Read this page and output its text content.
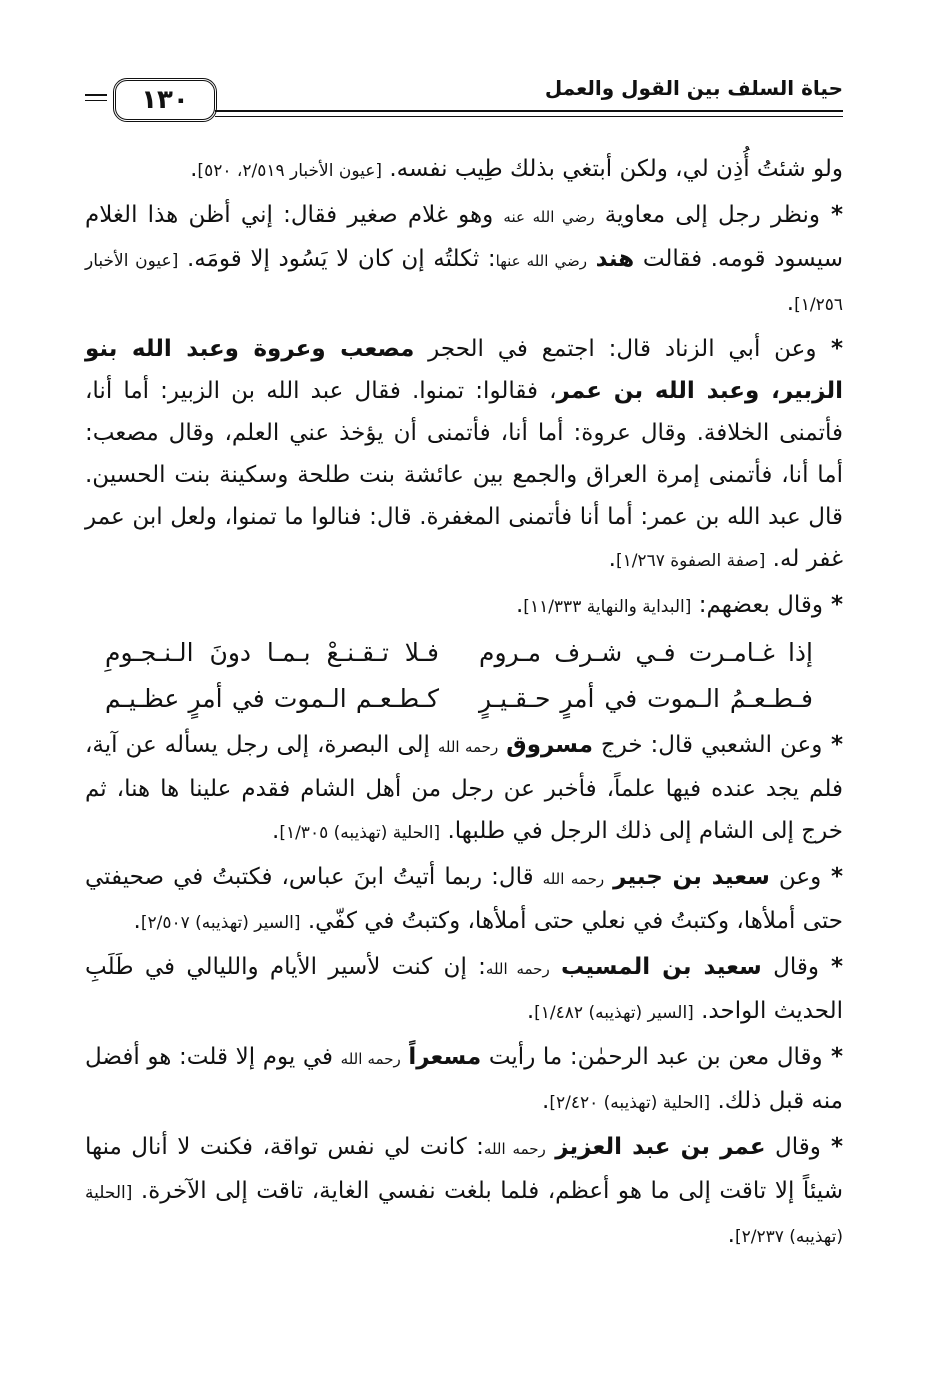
حياة السلف بين القول والعمل
١٣٠

ولو شئتُ أُذِن لي، ولكن أبتغي بذلك طِيب نفسه. [عيون الأخبار ٢/٥١٩، ٥٢٠].

* ونظر رجل إلى معاوية رضي الله عنه وهو غلام صغير فقال: إني أظن هذا الغلام سيسود قومه. فقالت هند رضي الله عنها: ثكلتُه إن كان لا يَسُود إلا قومَه. [عيون الأخبار ١/٢٥٦].

* وعن أبي الزناد قال: اجتمع في الحجر مصعب وعروة وعبد الله بنو الزبير، وعبد الله بن عمر، فقالوا: تمنوا. فقال عبد الله بن الزبير: أما أنا، فأتمنى الخلافة. وقال عروة: أما أنا، فأتمنى أن يؤخذ عني العلم، وقال مصعب: أما أنا، فأتمنى إمرة العراق والجمع بين عائشة بنت طلحة وسكينة بنت الحسين. قال عبد الله بن عمر: أما أنا فأتمنى المغفرة. قال: فنالوا ما تمنوا، ولعل ابن عمر غفر له. [صفة الصفوة ١/٢٦٧].

* وقال بعضهم: [البداية والنهاية ١١/٣٣٣].

إذا غـامـرت فـي شـرف مـروم
فـلا تـقـنـعْ بـمـا دونَ الـنـجـومِ
فـطـعـمُ الـموت في أمرٍ حـقـيـرٍ
كـطـعـم الـموت في أمرٍ عظـيـم

* وعن الشعبي قال: خرج مسروق رحمه الله إلى البصرة، إلى رجل يسأله عن آية، فلم يجد عنده فيها علماً، فأخبر عن رجل من أهل الشام فقدم علينا ها هنا، ثم خرج إلى الشام إلى ذلك الرجل في طلبها. [الحلية (تهذيبه) ١/٣٠٥].

* وعن سعيد بن جبير رحمه الله قال: ربما أتيتُ ابنَ عباس، فكتبتُ في صحيفتي حتى أملأها، وكتبتُ في نعلي حتى أملأها، وكتبتُ في كفّي. [السير (تهذيبه) ٢/٥٠٧].

* وقال سعيد بن المسيب رحمه الله: إن كنت لأسير الأيام والليالي في طَلَبِ الحديث الواحد. [السير (تهذيبه) ١/٤٨٢].

* وقال معن بن عبد الرحمٰن: ما رأيت مسعراً رحمه الله في يوم إلا قلت: هو أفضل منه قبل ذلك. [الحلية (تهذيبه) ٢/٤٢٠].

* وقال عمر بن عبد العزيز رحمه الله: كانت لي نفس تواقة، فكنت لا أنال منها شيئاً إلا تاقت إلى ما هو أعظم، فلما بلغت نفسي الغاية، تاقت إلى الآخرة. [الحلية (تهذيبه) ٢/٢٣٧].
